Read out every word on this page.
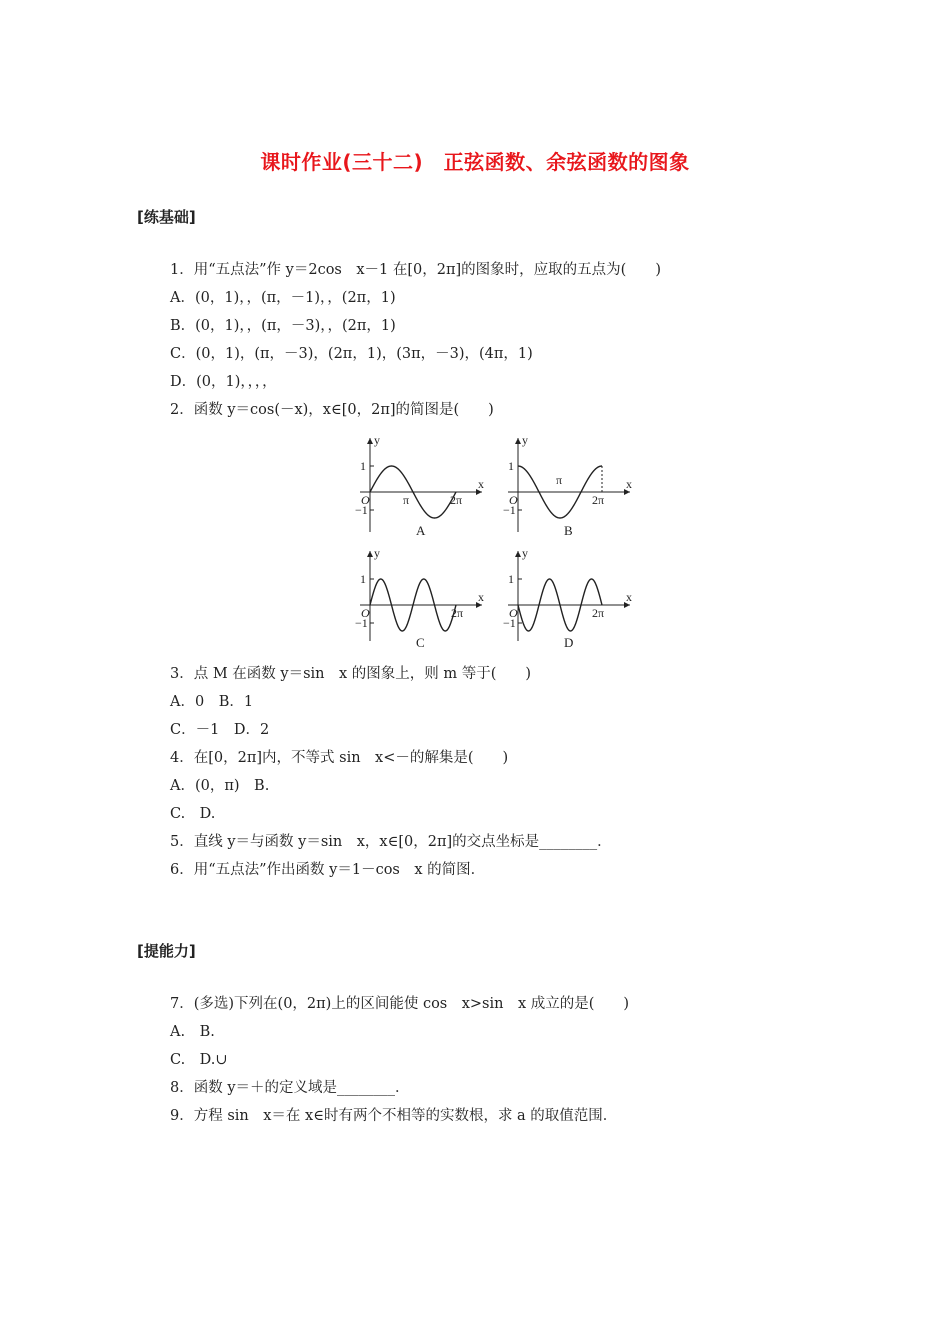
课时作业(三十二)　正弦函数、余弦函数的图象
[练基础]
1．用“五点法”作 y＝2cos　x－1 在[0，2π]的图象时，应取的五点为(　　)
A．(0，1)，，(π，－1)，，(2π，1)
B．(0，1)，，(π，－3)，，(2π，1)
C．(0，1)，(π，－3)，(2π，1)，(3π，－3)，(4π，1)
D．(0，1)，，，，
2．函数 y＝cos(－x)，x∈[0，2π]的简图是(　　)
y
x
1
−1
O	π	2π
A
y
x
1
−1
O
π
2π
B
y
x
1
−1
O	2π
C
y
x
1
−1
O	2π
D
3．点 M 在函数 y＝sin　x 的图象上，则 m 等于(　　)
A．0　B．1
C．－1　D．2
4．在[0，2π]内，不等式 sin　x<－的解集是(　　)
A．(0，π)　B.
C.　D.
5．直线 y＝与函数 y＝sin　x，x∈[0，2π]的交点坐标是________．
6．用“五点法”作出函数 y＝1－cos　x 的简图．
[提能力]
7．(多选)下列在(0，2π)上的区间能使 cos　x>sin　x 成立的是(　　)
A.　B.
C.　D.∪
8．函数 y＝＋的定义域是________．
9．方程 sin　x＝在 x∈时有两个不相等的实数根，求 a 的取值范围．
